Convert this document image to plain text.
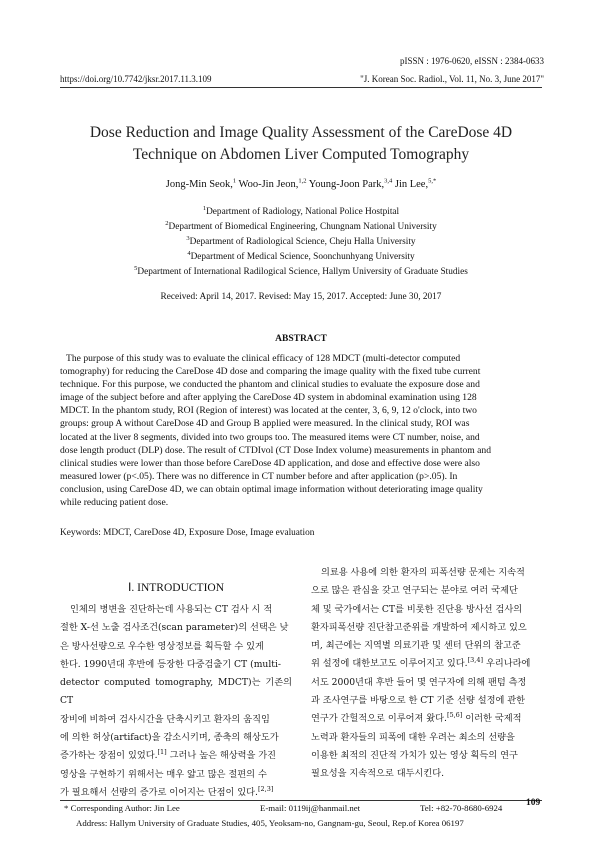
pISSN : 1976-0620, eISSN : 2384-0633
https://doi.org/10.7742/jksr.2017.11.3.109	"J. Korean Soc. Radiol., Vol. 11, No. 3, June 2017"
Dose Reduction and Image Quality Assessment of the CareDose 4D
Technique on Abdomen Liver Computed Tomography
Jong-Min Seok,$^1$ Woo-Jin Jeon,$^{1,2}$ Young-Joon Park,$^{3,4}$ Jin Lee,$^{5,*}$
$^1$Department of Radiology, National Police Hostpital
$^2$Department of Biomedical Engineering, Chungnam National University
$^3$Department of Radiological Science, Cheju Halla University
$^4$Department of Medical Science, Soonchunhyang University
$^5$Department of International Radilogical Science, Hallym University of Graduate Studies
Received: April 14, 2017. Revised: May 15, 2017. Accepted: June 30, 2017
ABSTRACT
The purpose of this study was to evaluate the clinical efficacy of 128 MDCT (multi-detector computed
tomography) for reducing the CareDose 4D dose and comparing the image quality with the fixed tube current
technique. For this purpose, we conducted the phantom and clinical studies to evaluate the exposure dose and
image of the subject before and after applying the CareDose 4D system in abdominal examination using 128
MDCT. In the phantom study, ROI (Region of interest) was located at the center, 3, 6, 9, 12 o'clock, into two
groups: group A without CareDose 4D and Group B applied were measured. In the clinical study, ROI was
located at the liver 8 segments, divided into two groups too. The measured items were CT number, noise, and
dose length product (DLP) dose. The result of CTDIvol (CT Dose Index volume) measurements in phantom and
clinical studies were lower than those before CareDose 4D application, and dose and effective dose were also
measured lower (p<.05). There was no difference in CT number before and after application (p>.05). In
conclusion, using CareDose 4D, we can obtain optimal image information without deteriorating image quality
while reducing patient dose.
Keywords: MDCT, CareDose 4D, Exposure Dose, Image evaluation
Ⅰ. INTRODUCTION
인체의 병변을 진단하는데 사용되는 CT 검사 시 적
절한 X-선 노출 검사조건(scan parameter)의 선택은 낮
은 방사선량으로 우수한 영상정보를 획득할 수 있게
한다. 1990년대 후반에 등장한 다중검출기 CT (multi-
detector computed tomography, MDCT)는 기존의 CT
장비에 비하여 검사시간을 단축시키고 환자의 움직임
에 의한 허상(artifact)을 감소시키며, 종축의 해상도가
증가하는 장점이 있었다.[1] 그러나 높은 해상력을 가진
영상을 구현하기 위해서는 매우 얇고 많은 절편의 수
가 필요해서 선량의 증가로 이어지는 단점이 있다.[2,3]
의료용 사용에 의한 환자의 피폭선량 문제는 지속적
으로 많은 관심을 갖고 연구되는 분야로 여러 국제단
체 및 국가에서는 CT를 비롯한 진단용 방사선 검사의
환자피폭선량 진단참고준위를 개발하여 제시하고 있으
며, 최근에는 지역별 의료기관 및 센터 단위의 참고준
위 설정에 대한보고도 이루어지고 있다.[3,4] 우리나라에
서도 2000년대 후반 들어 몇 연구자에 의해 팬텀 측정
과 조사연구를 바탕으로 한 CT 기준 선량 설정에 관한
연구가 간헐적으로 이루어져 왔다.[5,6] 이러한 국제적
노력과 환자들의 피폭에 대한 우려는 최소의 선량을
이용한 최적의 진단적 가치가 있는 영상 획득의 연구
필요성을 지속적으로 대두시킨다.
* Corresponding Author: Jin Lee	E-mail: 0119ij@hanmail.net	Tel: +82-70-8680-6924 109
Address: Hallym University of Graduate Studies, 405, Yeoksam-no, Gangnam-gu, Seoul, Rep.of Korea 06197
